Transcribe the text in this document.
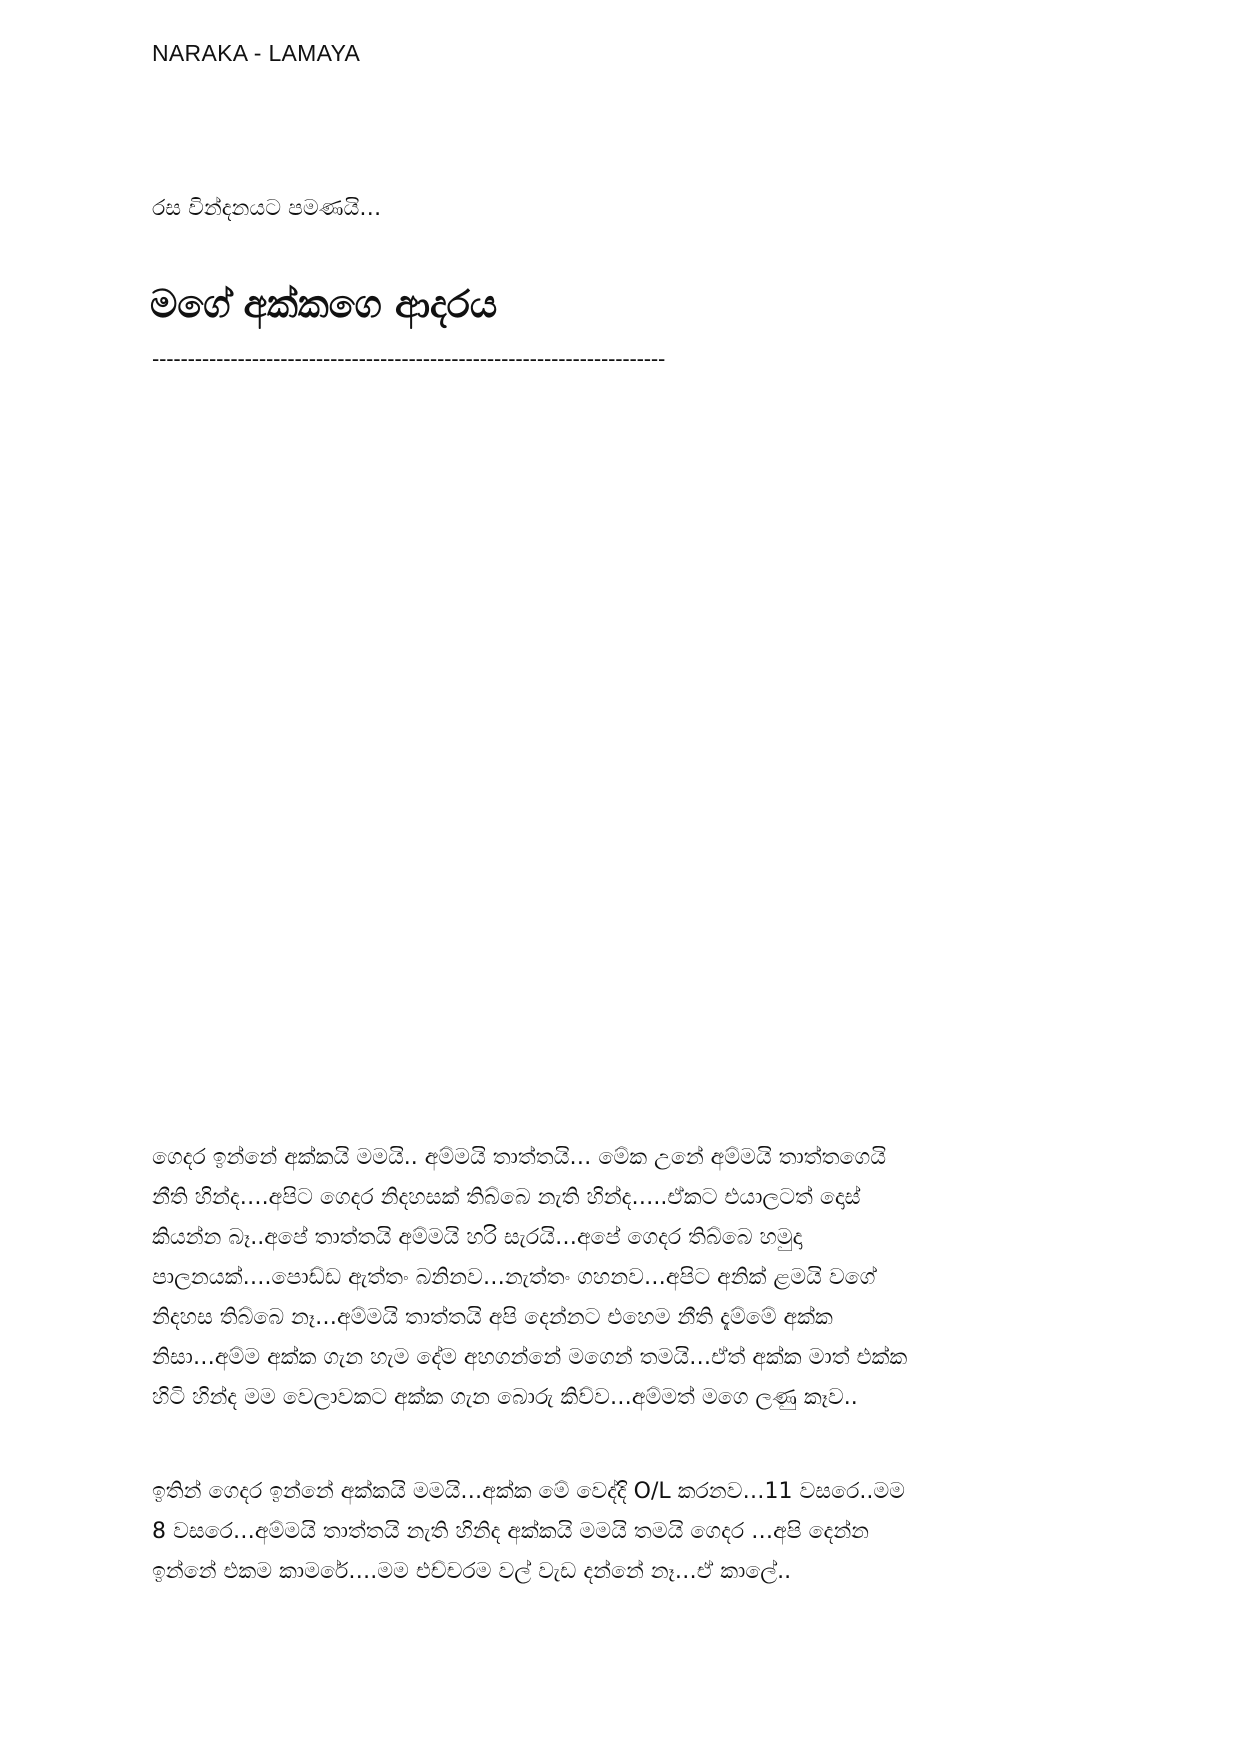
NARAKA - LAMAYA
රස වින්දනයට පමණයි…
මගේ අක්කගෙ ආදරය
------------------------------------------------------------------------
ගෙදර ඉන්නේ අක්කයි මමයි.. අම්මයි තාත්තයි… මේක උනේ අම්මයි තාත්තගෙයි
නීති හින්ද….අපිට ගෙදර නිදහසක් තිබ්බෙ නැති හින්ද…..ඒකට එයාලටත් දොස්
කියන්න බෑ..අපේ තාත්තයි අම්මයි හරි සැරයි…අපේ ගෙදර තිබ්බෙ හමුදා
පාලනයක්….පොඩ්ඩ ඇත්තං බනිනව…නැත්තං ගහනව…අපිට අනික් ළමයි වගේ
නිදහස තිබ්බෙ නෑ…අම්මයි තාත්තයි අපි දෙන්නට එහෙම නීති දැම්මේ අක්ක
නිසා…අම්ම අක්ක ගැන හැම දේම අහගන්නේ මගෙන් තමයි…ඒත් අක්ක මාත් එක්ක
හිටි හින්ද මම වෙලාවකට අක්ක ගැන බොරු කිව්ව…අම්මත් මගෙ ලණු කෑව..
ඉතින් ගෙදර ඉන්නේ අක්කයි මමයි…අක්ක මේ වෙද්දි O/L කරනව…11 වසරෙ..මම
8 වසරෙ…අම්මයි තාත්තයි නැති හිනිද අක්කයි මමයි තමයි ගෙදර …අපි දෙන්න
ඉන්නේ එකම කාමරේ….මම එච්චරම වල් වැඩ දන්නේ නෑ…ඒ කාලේ..
